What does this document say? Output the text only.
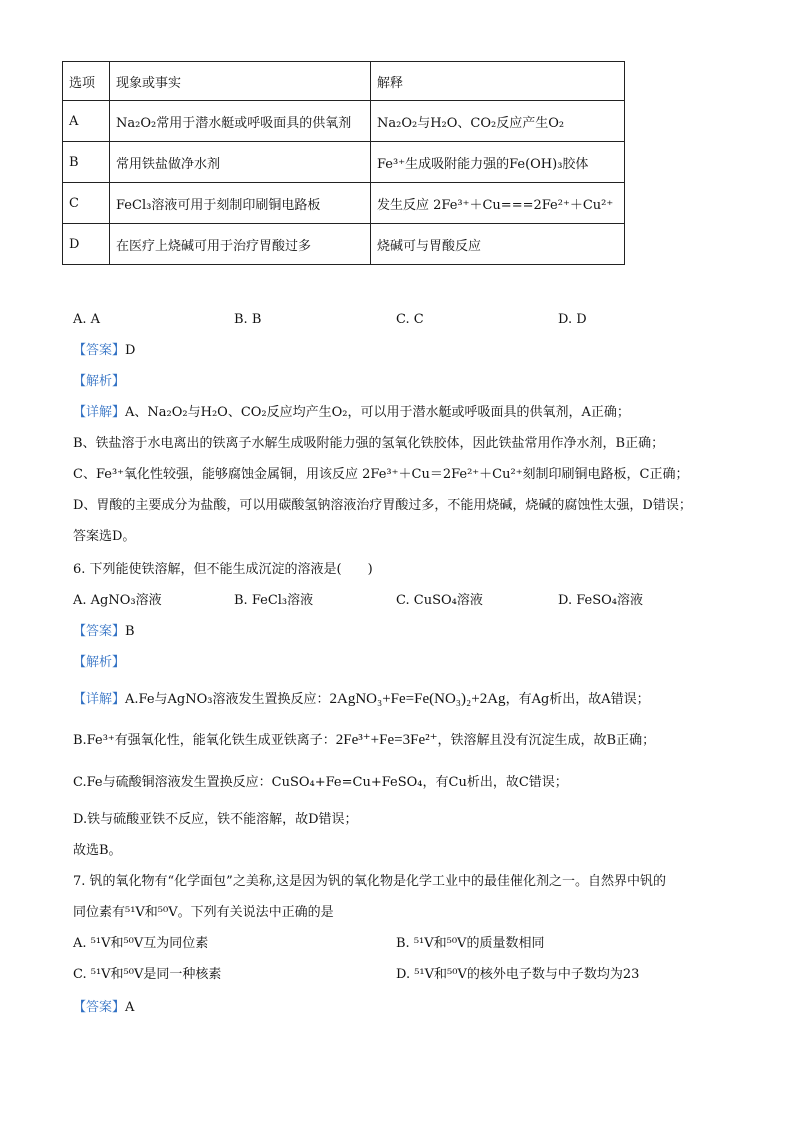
选项	现象或事实	解释
A	Na₂O₂常用于潜水艇或呼吸面具的供氧剂	Na₂O₂与H₂O、CO₂反应产生O₂
B	常用铁盐做净水剂	Fe³⁺生成吸附能力强的Fe(OH)₃胶体
C	FeCl₃溶液可用于刻制印刷铜电路板	发生反应 2Fe³⁺＋Cu===2Fe²⁺＋Cu²⁺
D	在医疗上烧碱可用于治疗胃酸过多	烧碱可与胃酸反应
A. A	B. B	C. C	D. D
【答案】D
【解析】
【详解】A、Na₂O₂与H₂O、CO₂反应均产生O₂，可以用于潜水艇或呼吸面具的供氧剂，A正确；
B、铁盐溶于水电离出的铁离子水解生成吸附能力强的氢氧化铁胶体，因此铁盐常用作净水剂，B正确；
C、Fe³⁺氧化性较强，能够腐蚀金属铜，用该反应 2Fe³⁺＋Cu＝2Fe²⁺＋Cu²⁺刻制印刷铜电路板，C正确；
D、胃酸的主要成分为盐酸，可以用碳酸氢钠溶液治疗胃酸过多，不能用烧碱，烧碱的腐蚀性太强，D错误；
答案选D。
6. 下列能使铁溶解，但不能生成沉淀的溶液是(　　)
A. AgNO₃溶液	B. FeCl₃溶液	C. CuSO₄溶液	D. FeSO₄溶液
【答案】B
【解析】
【详解】A.Fe与AgNO₃溶液发生置换反应：2AgNO₃+Fe=Fe(NO₃)₂+2Ag，有Ag析出，故A错误；
B.Fe³⁺有强氧化性，能氧化铁生成亚铁离子：2Fe³⁺+Fe=3Fe²⁺，铁溶解且没有沉淀生成，故B正确；
C.Fe与硫酸铜溶液发生置换反应：CuSO₄+Fe=Cu+FeSO₄，有Cu析出，故C错误；
D.铁与硫酸亚铁不反应，铁不能溶解，故D错误；
故选B。
7. 钒的氧化物有“化学面包”之美称,这是因为钒的氧化物是化学工业中的最佳催化剂之一。自然界中钒的
同位素有⁵¹V和⁵⁰V。下列有关说法中正确的是
A. ⁵¹V和⁵⁰V互为同位素	B. ⁵¹V和⁵⁰V的质量数相同
C. ⁵¹V和⁵⁰V是同一种核素	D. ⁵¹V和⁵⁰V的核外电子数与中子数均为23
【答案】A
